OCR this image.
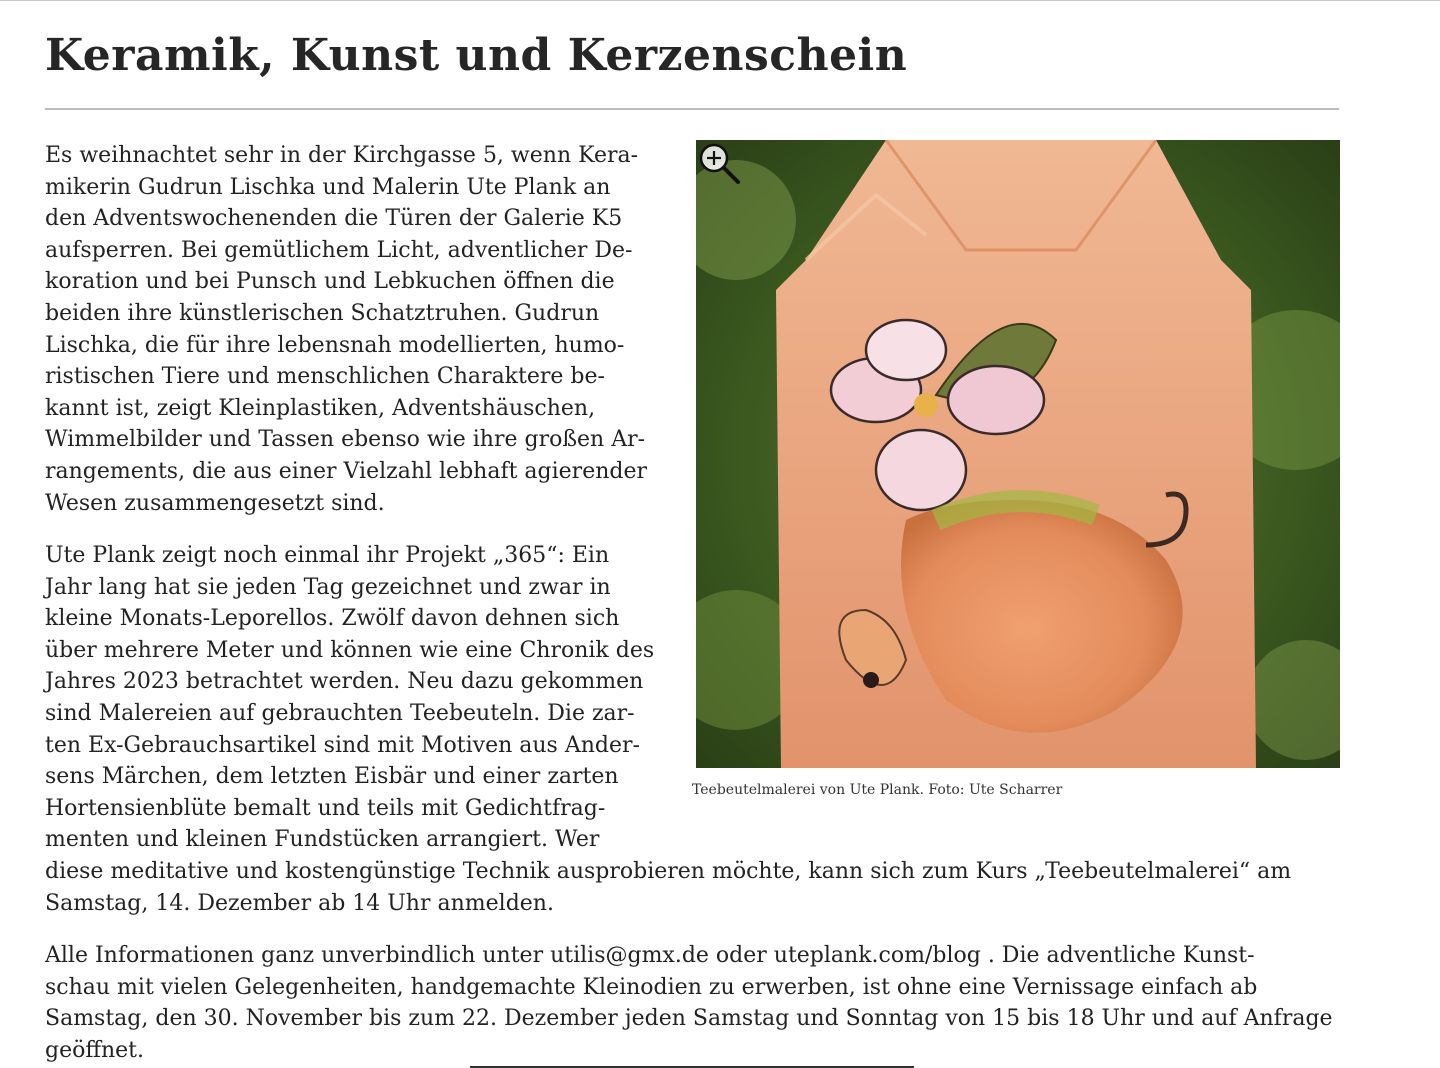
Keramik, Kunst und Kerzenschein
Es weihnachtet sehr in der Kirchgasse 5, wenn Kera-
mikerin Gudrun Lischka und Malerin Ute Plank an
den Adventswochenenden die Türen der Galerie K5
aufsperren. Bei gemütlichem Licht, adventlicher De-
koration und bei Punsch und Lebkuchen öffnen die
beiden ihre künstlerischen Schatztruhen. Gudrun
Lischka, die für ihre lebensnah modellierten, humo-
ristischen Tiere und menschlichen Charaktere be-
kannt ist, zeigt Kleinplastiken, Adventshäuschen,
Wimmelbilder und Tassen ebenso wie ihre großen Ar-
rangements, die aus einer Vielzahl lebhaft agierender
Wesen zusammengesetzt sind.
Ute Plank zeigt noch einmal ihr Projekt „365“: Ein
Jahr lang hat sie jeden Tag gezeichnet und zwar in
kleine Monats-Leporellos. Zwölf davon dehnen sich
über mehrere Meter und können wie eine Chronik des
Jahres 2023 betrachtet werden. Neu dazu gekommen
sind Malereien auf gebrauchten Teebeuteln. Die zar-
ten Ex-Gebrauchsartikel sind mit Motiven aus Ander-
sens Märchen, dem letzten Eisbär und einer zarten
Hortensienblüte bemalt und teils mit Gedichtfrag-
menten und kleinen Fundstücken arrangiert. Wer
diese meditative und kostengünstige Technik ausprobieren möchte, kann sich zum Kurs „Teebeutelmalerei“ am
Samstag, 14. Dezember ab 14 Uhr anmelden.
Alle Informationen ganz unverbindlich unter utilis@gmx.de oder uteplank.com/blog . Die adventliche Kunst-
schau mit vielen Gelegenheiten, handgemachte Kleinodien zu erwerben, ist ohne eine Vernissage einfach ab
Samstag, den 30. November bis zum 22. Dezember jeden Samstag und Sonntag von 15 bis 18 Uhr und auf Anfrage
geöffnet.

Teebeutelmalerei von Ute Plank. Foto: Ute Scharrer
